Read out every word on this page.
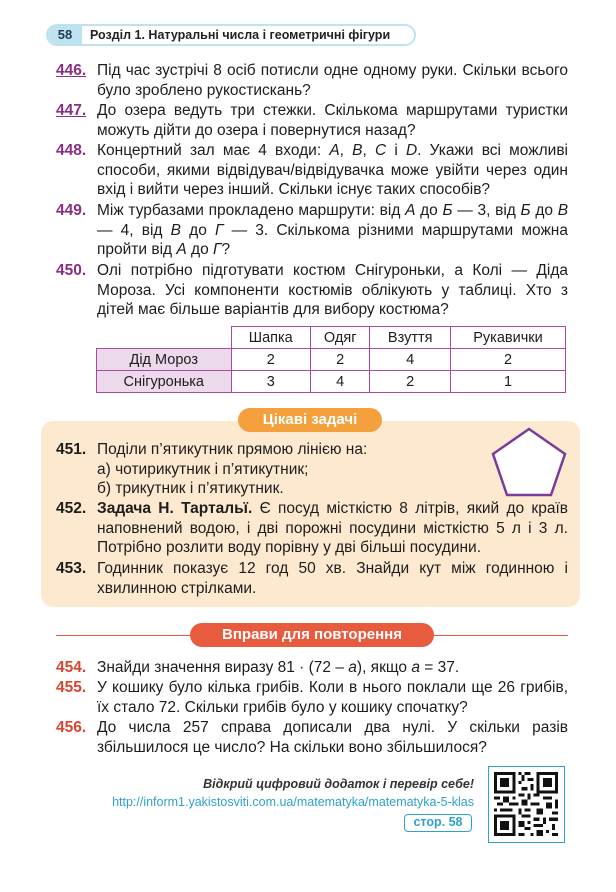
58	Розділ 1. Натуральні числа і геометричні фігури
446. Під час зустрічі 8 осіб потисли одне одному руки. Скільки всього було зроблено рукостискань?
447. До озера ведуть три стежки. Скількома маршрутами туристки можуть дійти до озера і повернутися назад?
448. Концертний зал має 4 входи: A, B, C і D. Укажи всі можливі способи, якими відвідувач/відвідувачка може увійти через один вхід і вийти через інший. Скільки існує таких способів?
449. Між турбазами прокладено маршрути: від A до Б — 3, від Б до В — 4, від В до Г — 3. Скількома різними маршрутами можна пройти від A до Г?
450. Олі потрібно підготувати костюм Снігуроньки, а Колі — Діда Мороза. Усі компоненти костюмів облікують у таблиці. Хто з дітей має більше варіантів для вибору костюма?
	Шапка	Одяг	Взуття	Рукавички
Дід Мороз	2	2	4	2
Снігуронька	3	4	2	1
Цікаві задачі
451. Поділи п’ятикутник прямою лінією на:
а) чотирикутник і п’ятикутник;
б) трикутник і п’ятикутник.
452. Задача Н. Тартальї. Є посуд місткістю 8 літрів, який до країв наповнений водою, і дві порожні посудини місткістю 5 л і 3 л. Потрібно розлити воду порівну у дві більші посудини.
453. Годинник показує 12 год 50 хв. Знайди кут між годинною і хвилинною стрілками.
Вправи для повторення
454. Знайди значення виразу 81 · (72 – a), якщо a = 37.
455. У кошику було кілька грибів. Коли в нього поклали ще 26 грибів, їх стало 72. Скільки грибів було у кошику спочатку?
456. До числа 257 справа дописали два нулі. У скільки разів збільшилося це число? На скільки воно збільшилося?
Відкрий цифровий додаток і перевір себе!
http://inform1.yakistosviti.com.ua/matematyka/matematyka-5-klas
стор. 58
